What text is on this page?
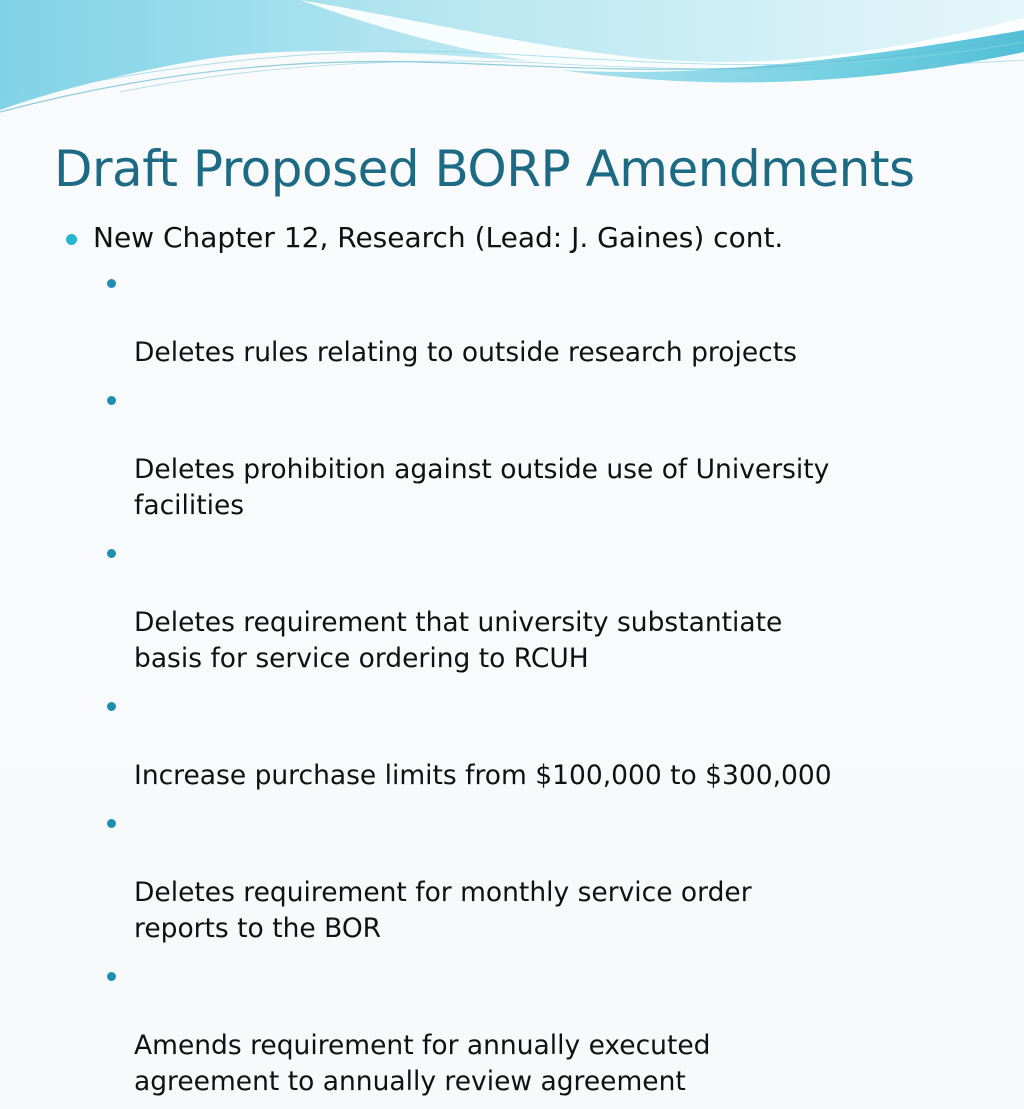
Draft Proposed BORP Amendments
New Chapter 12, Research (Lead: J. Gaines) cont.

Deletes rules relating to outside research projects

Deletes prohibition against outside use of University
facilities

Deletes requirement that university substantiate
basis for service ordering to RCUH

Increase purchase limits from $100,000 to $300,000

Deletes requirement for monthly service order
reports to the BOR

Amends requirement for annually executed
agreement to annually review agreement
